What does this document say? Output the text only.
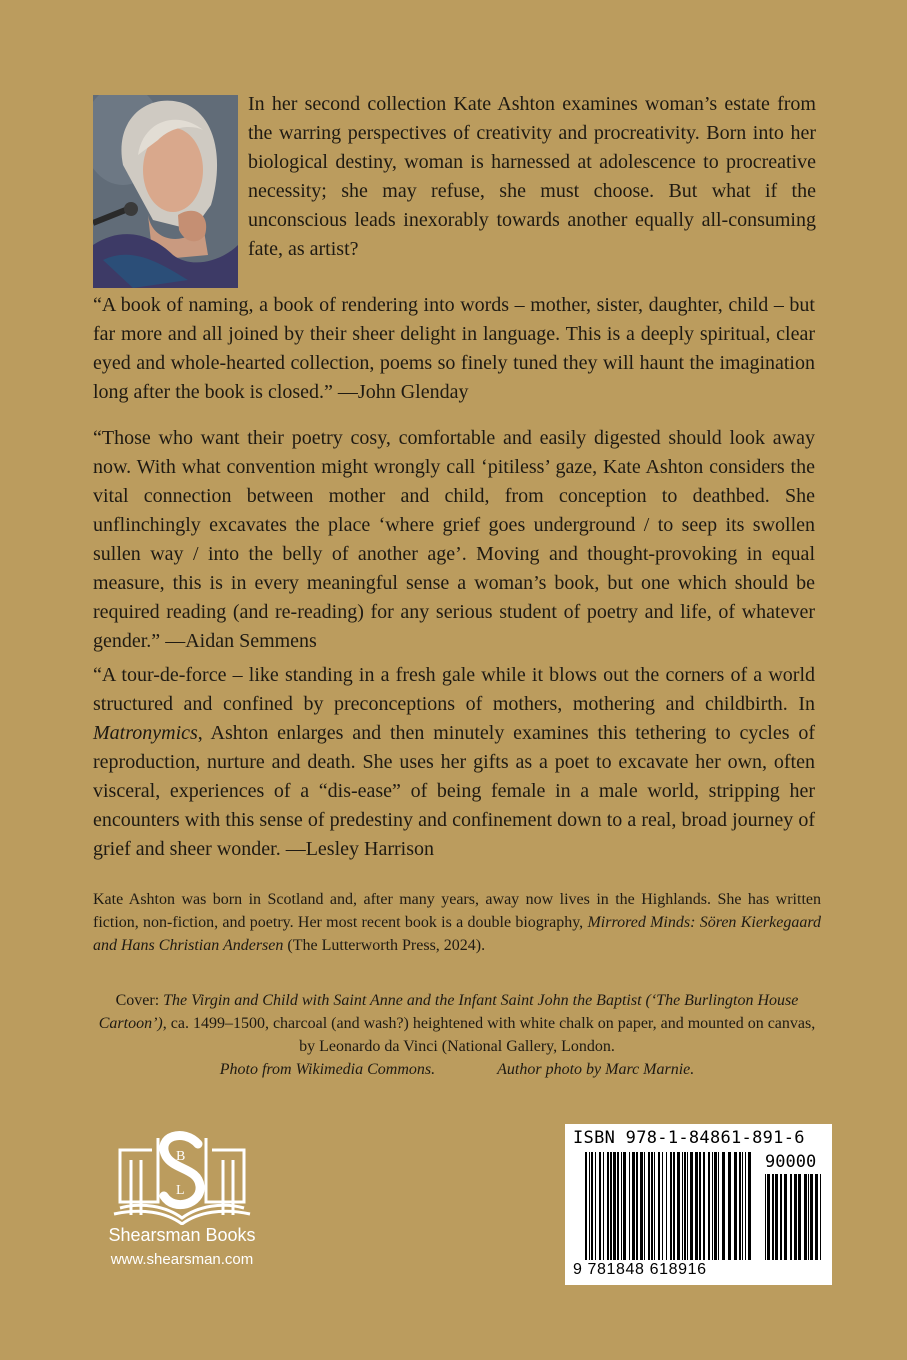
In her second collection Kate Ashton examines woman’s estate from the warring perspectives of creativity and procreativity. Born into her biological destiny, woman is harnessed at adolescence to procreative necessity; she may refuse, she must choose. But what if the unconscious leads inexorably towards another equally all-consuming fate, as artist?

“A book of naming, a book of rendering into words – mother, sister, daughter, child – but far more and all joined by their sheer delight in language. This is a deeply spiritual, clear eyed and whole-hearted collection, poems so finely tuned they will haunt the imagination long after the book is closed.” —John Glenday

“Those who want their poetry cosy, comfortable and easily digested should look away now. With what convention might wrongly call ‘pitiless’ gaze, Kate Ashton considers the vital connection between mother and child, from conception to deathbed. She unflinchingly excavates the place ‘where grief goes underground / to seep its swollen sullen way / into the belly of another age’. Moving and thought-provoking in equal measure, this is in every meaningful sense a woman’s book, but one which should be required reading (and re-reading) for any serious student of poetry and life, of whatever gender.” —Aidan Semmens

“A tour-de-force – like standing in a fresh gale while it blows out the corners of a world structured and confined by preconceptions of mothers, mothering and childbirth. In Matronymics, Ashton enlarges and then minutely examines this tethering to cycles of reproduction, nurture and death. She uses her gifts as a poet to excavate her own, often visceral, experiences of a “dis-ease” of being female in a male world, stripping her encounters with this sense of predestiny and confinement down to a real, broad journey of grief and sheer wonder. —Lesley Harrison

Kate Ashton was born in Scotland and, after many years, away now lives in the Highlands. She has written fiction, non-fiction, and poetry. Her most recent book is a double biography, Mirrored Minds: Sören Kierkegaard and Hans Christian Andersen (The Lutterworth Press, 2024).

Cover: The Virgin and Child with Saint Anne and the Infant Saint John the Baptist (‘The Burlington House Cartoon’), ca. 1499–1500, charcoal (and wash?) heightened with white chalk on paper, and mounted on canvas, by Leonardo da Vinci (National Gallery, London.
Photo from Wikimedia Commons.	Author photo by Marc Marnie.

B
L

Shearsman Books

www.shearsman.com

ISBN 978-1-84861-891-6

90000

9 781848 618916
